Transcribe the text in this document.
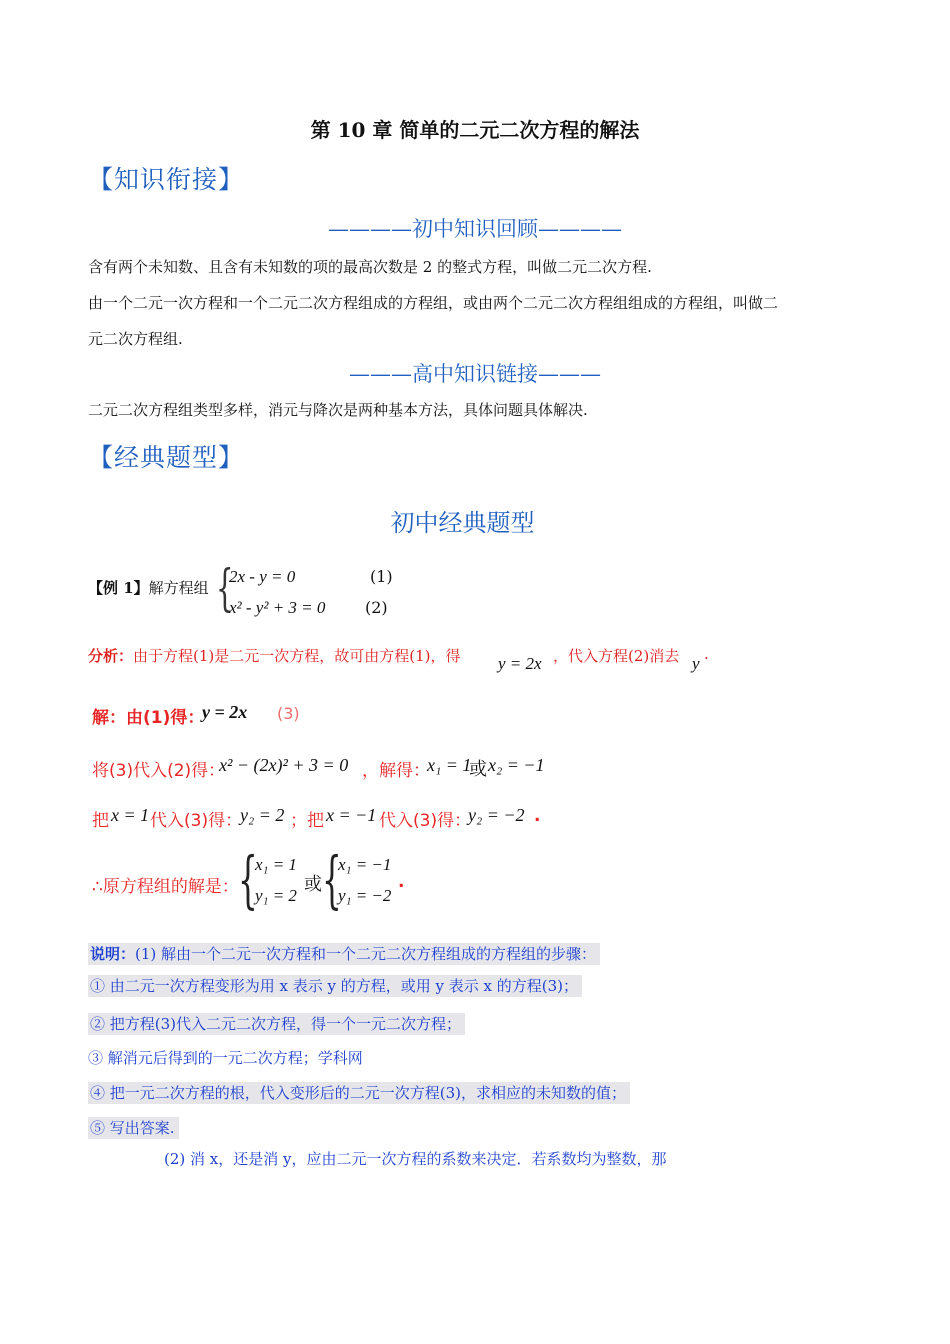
第 10 章 简单的二元二次方程的解法
【知识衔接】
————初中知识回顾————
含有两个未知数、且含有未知数的项的最高次数是 2 的整式方程，叫做二元二次方程.
由一个二元一次方程和一个二元二次方程组成的方程组，或由两个二元二次方程组组成的方程组，叫做二
元二次方程组.
———高中知识链接———
二元二次方程组类型多样，消元与降次是两种基本方法，具体问题具体解决.
【经典题型】
初中经典题型
【例 1】解方程组 {
2x - y = 0	(1)
x² - y² + 3 = 0 (2)
分析：由于方程(1)是二元一次方程，故可由方程(1)，得 y = 2x ，代入方程(2)消去 y .
解：由(1)得：
y = 2x (3)
将(3)代入(2)得：
x² − (2x)² + 3 = 0 ，解得：
x₁ = 1
或 x₂ = −1
把 x = 1 代入(3)得：
y₂ = 2 ；把 x = −1 代入(3)得：
y₂ = −2 .
∴原方程组的解是： {
x₁ = 1
y₁ = 2
或 {
x₁ = −1
y₁ = −2
.
说明：(1) 解由一个二元一次方程和一个二元二次方程组成的方程组的步骤：
① 由二元一次方程变形为用 x 表示 y 的方程，或用 y 表示 x 的方程(3)；
② 把方程(3)代入二元二次方程，得一个一元二次方程；
③ 解消元后得到的一元二次方程；学科网
④ 把一元二次方程的根，代入变形后的二元一次方程(3)，求相应的未知数的值；
⑤ 写出答案.
(2) 消 x，还是消 y，应由二元一次方程的系数来决定．若系数均为整数，那
